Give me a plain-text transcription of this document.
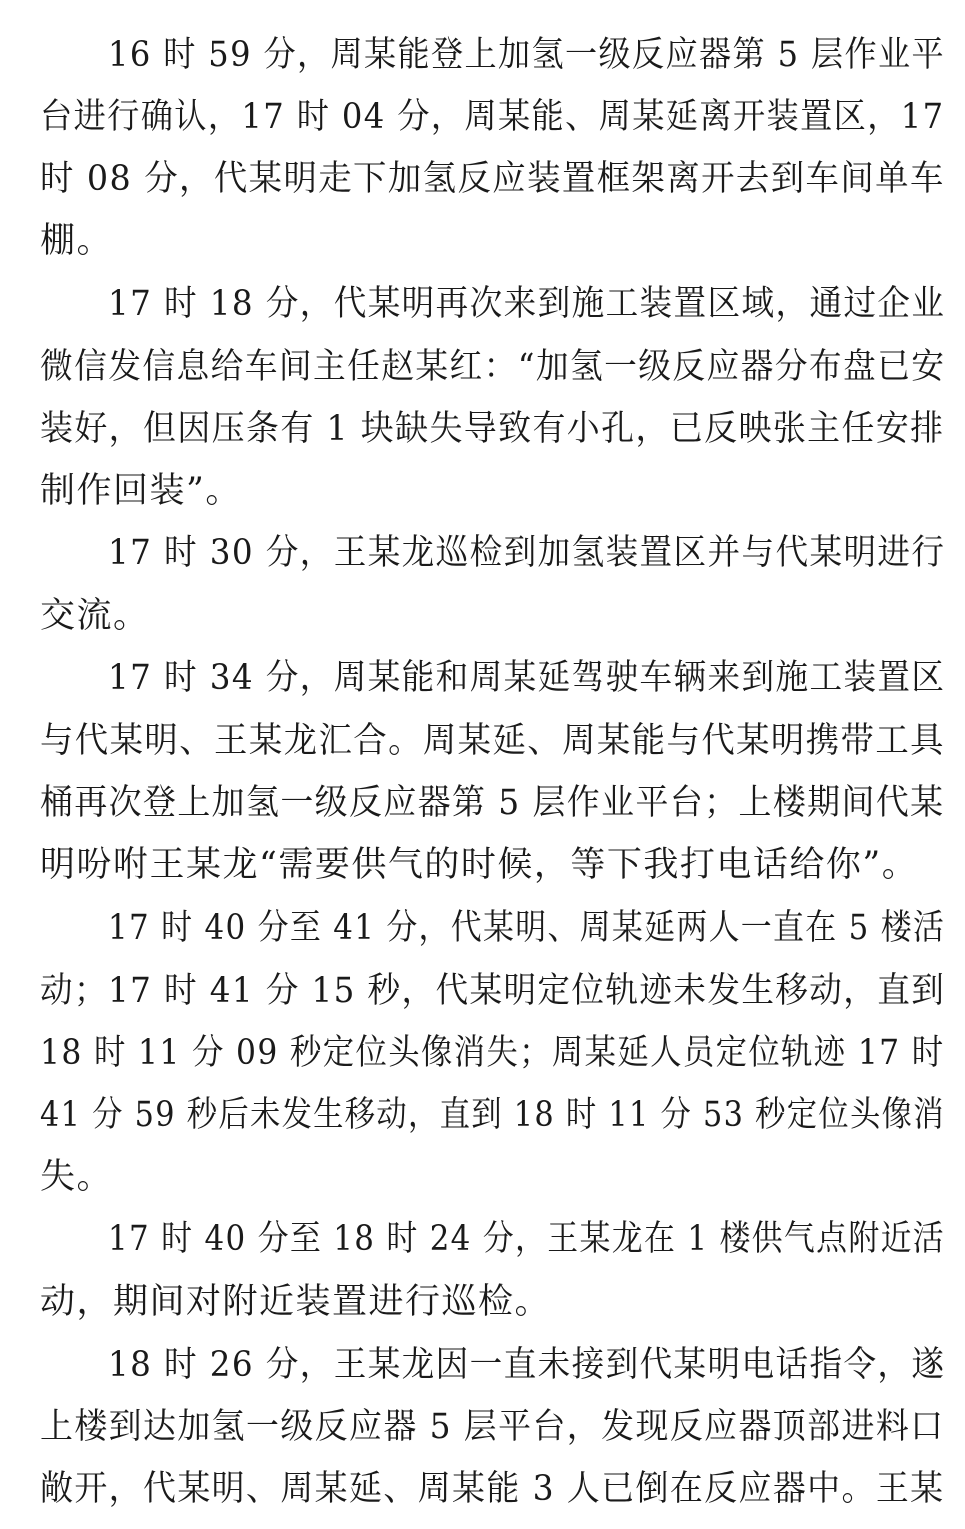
16 时 59 分，周某能登上加氢一级反应器第 5 层作业平
台进行确认，17 时 04 分，周某能、周某延离开装置区，17
时 08 分，代某明走下加氢反应装置框架离开去到车间单车
棚。
17 时 18 分，代某明再次来到施工装置区域，通过企业
微信发信息给车间主任赵某红：“加氢一级反应器分布盘已安
装好，但因压条有 1 块缺失导致有小孔，已反映张主任安排
制作回装”。
17 时 30 分，王某龙巡检到加氢装置区并与代某明进行
交流。
17 时 34 分，周某能和周某延驾驶车辆来到施工装置区
与代某明、王某龙汇合。周某延、周某能与代某明携带工具
桶再次登上加氢一级反应器第 5 层作业平台；上楼期间代某
明吩咐王某龙“需要供气的时候，等下我打电话给你”。
17 时 40 分至 41 分，代某明、周某延两人一直在 5 楼活
动；17 时 41 分 15 秒，代某明定位轨迹未发生移动，直到
18 时 11 分 09 秒定位头像消失；周某延人员定位轨迹 17 时
41 分 59 秒后未发生移动，直到 18 时 11 分 53 秒定位头像消
失。
17 时 40 分至 18 时 24 分，王某龙在 1 楼供气点附近活
动，期间对附近装置进行巡检。
18 时 26 分，王某龙因一直未接到代某明电话指令，遂
上楼到达加氢一级反应器 5 层平台，发现反应器顶部进料口
敞开，代某明、周某延、周某能 3 人已倒在反应器中。王某
